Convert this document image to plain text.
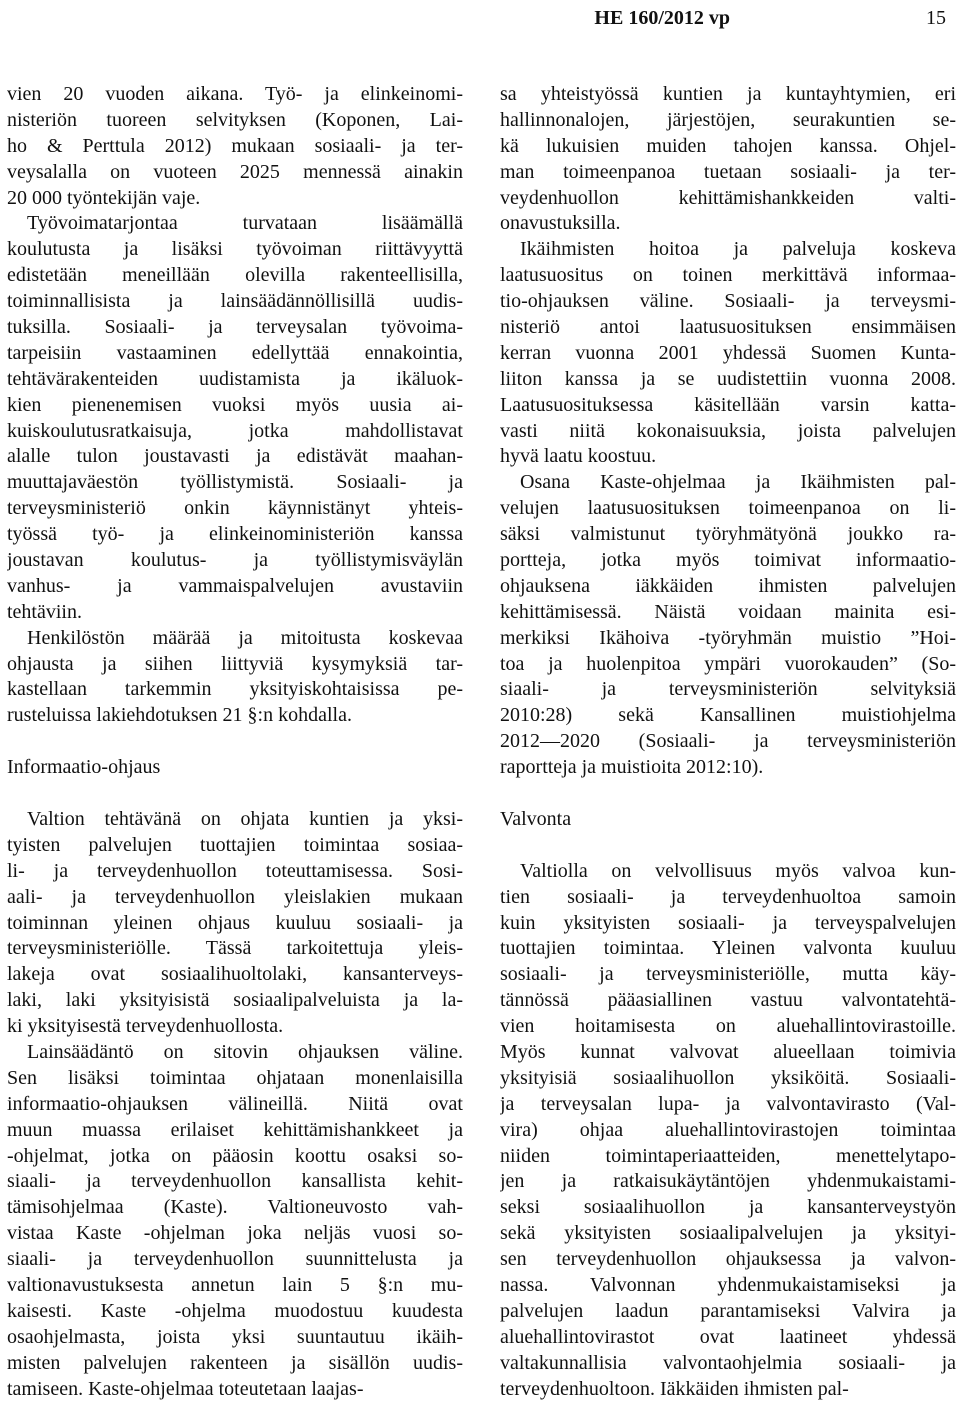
HE 160/2012 vp	15
vien 20 vuoden aikana. Työ- ja elinkeinomi-
nisteriön tuoreen selvityksen (Koponen, Lai-
ho & Perttula 2012) mukaan sosiaali- ja ter-
veysalalla on vuoteen 2025 mennessä ainakin
20 000 työntekijän vaje.
Työvoimatarjontaa turvataan lisäämällä
koulutusta ja lisäksi työvoiman riittävyyttä
edistetään meneillään olevilla rakenteellisilla,
toiminnallisista ja lainsäädännöllisillä uudis-
tuksilla. Sosiaali- ja terveysalan työvoima-
tarpeisiin vastaaminen edellyttää ennakointia,
tehtävärakenteiden uudistamista ja ikäluok-
kien pienenemisen vuoksi myös uusia ai-
kuiskoulutusratkaisuja, jotka mahdollistavat
alalle tulon joustavasti ja edistävät maahan-
muuttajaväestön työllistymistä. Sosiaali- ja
terveysministeriö onkin käynnistänyt yhteis-
työssä työ- ja elinkeinoministeriön kanssa
joustavan koulutus- ja työllistymisväylän
vanhus- ja vammaispalvelujen avustaviin
tehtäviin.
Henkilöstön määrää ja mitoitusta koskevaa
ohjausta ja siihen liittyviä kysymyksiä tar-
kastellaan tarkemmin yksityiskohtaisissa pe-
rusteluissa lakiehdotuksen 21 §:n kohdalla.
Informaatio-ohjaus
Valtion tehtävänä on ohjata kuntien ja yksi-
tyisten palvelujen tuottajien toimintaa sosiaa-
li- ja terveydenhuollon toteuttamisessa. Sosi-
aali- ja terveydenhuollon yleislakien mukaan
toiminnan yleinen ohjaus kuuluu sosiaali- ja
terveysministeriölle. Tässä tarkoitettuja yleis-
lakeja ovat sosiaalihuoltolaki, kansanterveys-
laki, laki yksityisistä sosiaalipalveluista ja la-
ki yksityisestä terveydenhuollosta.
Lainsäädäntö on sitovin ohjauksen väline.
Sen lisäksi toimintaa ohjataan monenlaisilla
informaatio-ohjauksen välineillä. Niitä ovat
muun muassa erilaiset kehittämishankkeet ja
-ohjelmat, jotka on pääosin koottu osaksi so-
siaali- ja terveydenhuollon kansallista kehit-
tämisohjelmaa (Kaste). Valtioneuvosto vah-
vistaa Kaste -ohjelman joka neljäs vuosi so-
siaali- ja terveydenhuollon suunnittelusta ja
valtionavustuksesta annetun lain 5 §:n mu-
kaisesti. Kaste -ohjelma muodostuu kuudesta
osaohjelmasta, joista yksi suuntautuu ikäih-
misten palvelujen rakenteen ja sisällön uudis-
tamiseen. Kaste-ohjelmaa toteutetaan laajas-
sa yhteistyössä kuntien ja kuntayhtymien, eri
hallinnonalojen, järjestöjen, seurakuntien se-
kä lukuisien muiden tahojen kanssa. Ohjel-
man toimeenpanoa tuetaan sosiaali- ja ter-
veydenhuollon kehittämishankkeiden valti-
onavustuksilla.
Ikäihmisten hoitoa ja palveluja koskeva
laatusuositus on toinen merkittävä informaa-
tio-ohjauksen väline. Sosiaali- ja terveysmi-
nisteriö antoi laatusuosituksen ensimmäisen
kerran vuonna 2001 yhdessä Suomen Kunta-
liiton kanssa ja se uudistettiin vuonna 2008.
Laatusuosituksessa käsitellään varsin katta-
vasti niitä kokonaisuuksia, joista palvelujen
hyvä laatu koostuu.
Osana Kaste-ohjelmaa ja Ikäihmisten pal-
velujen laatusuosituksen toimeenpanoa on li-
säksi valmistunut työryhmätyönä joukko ra-
portteja, jotka myös toimivat informaatio-
ohjauksena iäkkäiden ihmisten palvelujen
kehittämisessä. Näistä voidaan mainita esi-
merkiksi Ikähoiva -työryhmän muistio ”Hoi-
toa ja huolenpitoa ympäri vuorokauden” (So-
siaali- ja terveysministeriön selvityksiä
2010:28) sekä Kansallinen muistiohjelma
2012—2020 (Sosiaali- ja terveysministeriön
raportteja ja muistioita 2012:10).
Valvonta
Valtiolla on velvollisuus myös valvoa kun-
tien sosiaali- ja terveydenhuoltoa samoin
kuin yksityisten sosiaali- ja terveyspalvelujen
tuottajien toimintaa. Yleinen valvonta kuuluu
sosiaali- ja terveysministeriölle, mutta käy-
tännössä pääasiallinen vastuu valvontatehtä-
vien hoitamisesta on aluehallintovirastoille.
Myös kunnat valvovat alueellaan toimivia
yksityisiä sosiaalihuollon yksiköitä. Sosiaali-
ja terveysalan lupa- ja valvontavirasto (Val-
vira) ohjaa aluehallintovirastojen toimintaa
niiden toimintaperiaatteiden, menettelytapo-
jen ja ratkaisukäytäntöjen yhdenmukaistami-
seksi sosiaalihuollon ja kansanterveystyön
sekä yksityisten sosiaalipalvelujen ja yksityi-
sen terveydenhuollon ohjauksessa ja valvon-
nassa. Valvonnan yhdenmukaistamiseksi ja
palvelujen laadun parantamiseksi Valvira ja
aluehallintovirastot ovat laatineet yhdessä
valtakunnallisia valvontaohjelmia sosiaali- ja
terveydenhuoltoon. Iäkkäiden ihmisten pal-
